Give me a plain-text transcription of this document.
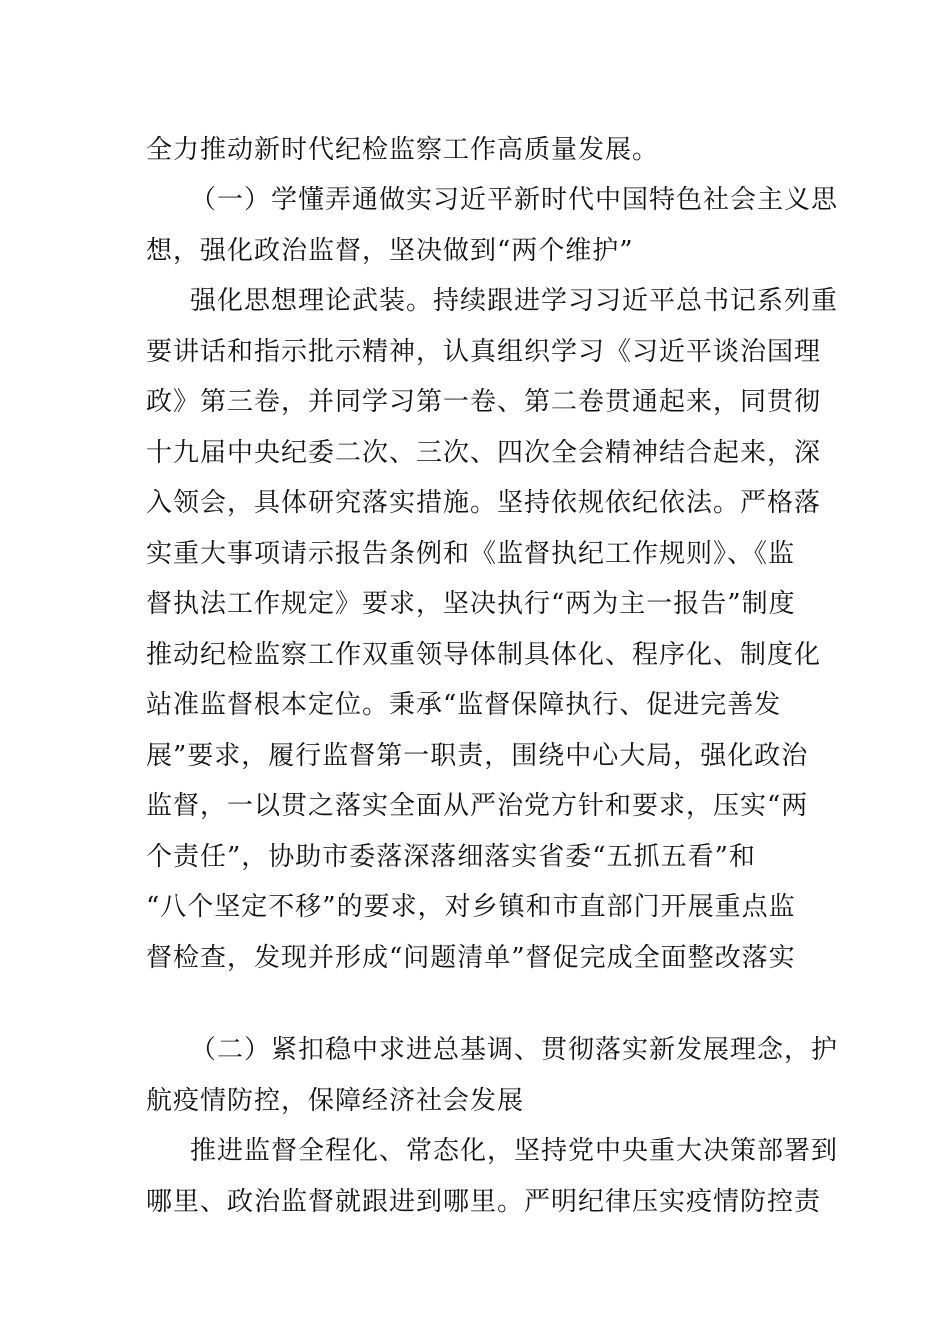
全力推动新时代纪检监察工作高质量发展。
（一）学懂弄通做实习近平新时代中国特色社会主义思
想，强化政治监督，坚决做到“两个维护”
强化思想理论武装。持续跟进学习习近平总书记系列重
要讲话和指示批示精神，认真组织学习《习近平谈治国理
政》第三卷，并同学习第一卷、第二卷贯通起来，同贯彻
十九届中央纪委二次、三次、四次全会精神结合起来，深
入领会，具体研究落实措施。坚持依规依纪依法。严格落
实重大事项请示报告条例和《监督执纪工作规则》、《监
督执法工作规定》要求，坚决执行“两为主一报告”制度
推动纪检监察工作双重领导体制具体化、程序化、制度化
站准监督根本定位。秉承“监督保障执行、促进完善发
展”要求，履行监督第一职责，围绕中心大局，强化政治
监督，一以贯之落实全面从严治党方针和要求，压实“两
个责任”，协助市委落深落细落实省委“五抓五看”和
“八个坚定不移”的要求，对乡镇和市直部门开展重点监
督检查，发现并形成“问题清单”督促完成全面整改落实
（二）紧扣稳中求进总基调、贯彻落实新发展理念，护
航疫情防控，保障经济社会发展
推进监督全程化、常态化，坚持党中央重大决策部署到
哪里、政治监督就跟进到哪里。严明纪律压实疫情防控责
